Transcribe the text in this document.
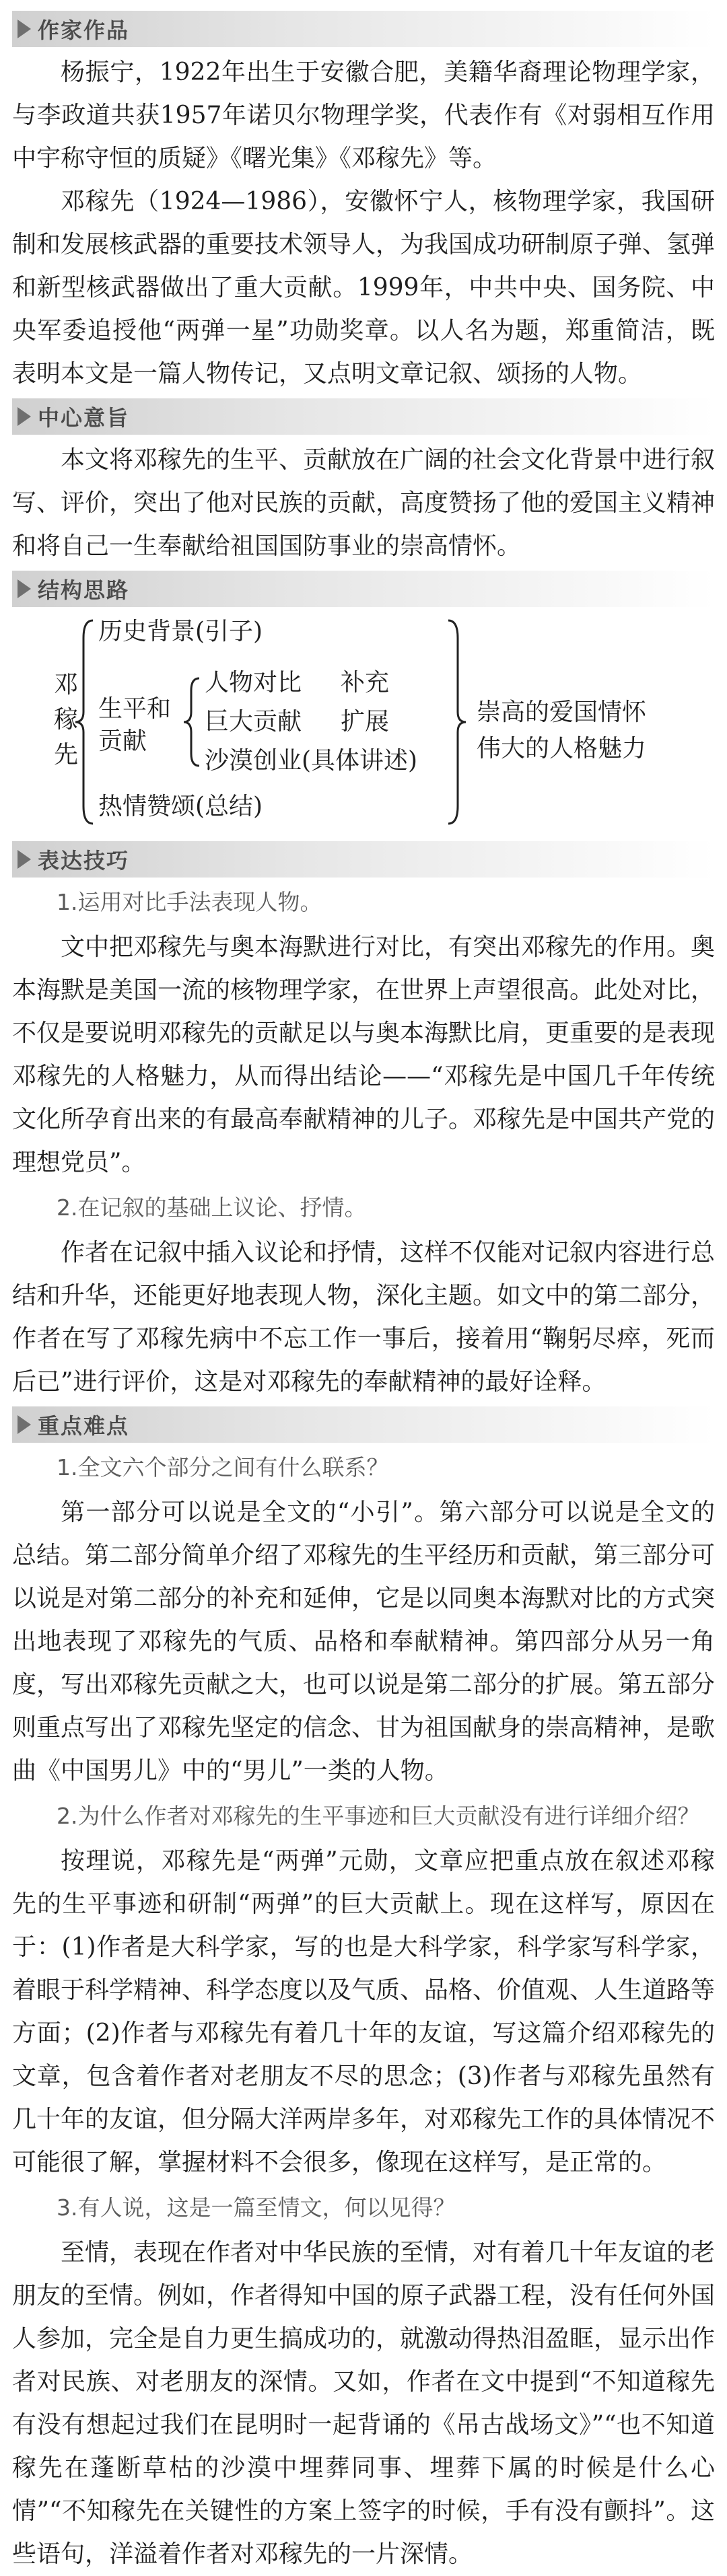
作家作品

杨振宁，1922年出生于安徽合肥，美籍华裔理论物理学家，与李政道共获1957年诺贝尔物理学奖，代表作有《对弱相互作用中宇称守恒的质疑》《曙光集》《邓稼先》等。

邓稼先（1924—1986），安徽怀宁人，核物理学家，我国研制和发展核武器的重要技术领导人，为我国成功研制原子弹、氢弹和新型核武器做出了重大贡献。1999年，中共中央、国务院、中央军委追授他“两弹一星”功勋奖章。以人名为题，郑重简洁，既表明本文是一篇人物传记，又点明文章记叙、颂扬的人物。

中心意旨

本文将邓稼先的生平、贡献放在广阔的社会文化背景中进行叙写、评价，突出了他对民族的贡献，高度赞扬了他的爱国主义精神和将自己一生奉献给祖国国防事业的崇高情怀。

结构思路
邓稼先
历史背景(引子)
生平和贡献
人物对比
巨大贡献
沙漠创业(具体讲述)
补充
扩展
热情赞颂(总结)
崇高的爱国情怀
伟大的人格魅力
表达技巧
1.运用对比手法表现人物。

文中把邓稼先与奥本海默进行对比，有突出邓稼先的作用。奥本海默是美国一流的核物理学家，在世界上声望很高。此处对比，不仅是要说明邓稼先的贡献足以与奥本海默比肩，更重要的是表现邓稼先的人格魅力，从而得出结论——“邓稼先是中国几千年传统文化所孕育出来的有最高奉献精神的儿子。邓稼先是中国共产党的理想党员”。

2.在记叙的基础上议论、抒情。

作者在记叙中插入议论和抒情，这样不仅能对记叙内容进行总结和升华，还能更好地表现人物，深化主题。如文中的第二部分，作者在写了邓稼先病中不忘工作一事后，接着用“鞠躬尽瘁，死而后已”进行评价，这是对邓稼先的奉献精神的最好诠释。

重点难点
1.全文六个部分之间有什么联系？

第一部分可以说是全文的“小引”。第六部分可以说是全文的总结。第二部分简单介绍了邓稼先的生平经历和贡献，第三部分可以说是对第二部分的补充和延伸，它是以同奥本海默对比的方式突出地表现了邓稼先的气质、品格和奉献精神。第四部分从另一角度，写出邓稼先贡献之大，也可以说是第二部分的扩展。第五部分则重点写出了邓稼先坚定的信念、甘为祖国献身的崇高精神，是歌曲《中国男儿》中的“男儿”一类的人物。

2.为什么作者对邓稼先的生平事迹和巨大贡献没有进行详细介绍？

按理说，邓稼先是“两弹”元勋，文章应把重点放在叙述邓稼先的生平事迹和研制“两弹”的巨大贡献上。现在这样写，原因在于：(1)作者是大科学家，写的也是大科学家，科学家写科学家，着眼于科学精神、科学态度以及气质、品格、价值观、人生道路等方面；(2)作者与邓稼先有着几十年的友谊，写这篇介绍邓稼先的文章，包含着作者对老朋友不尽的思念；(3)作者与邓稼先虽然有几十年的友谊，但分隔大洋两岸多年，对邓稼先工作的具体情况不可能很了解，掌握材料不会很多，像现在这样写，是正常的。

3.有人说，这是一篇至情文，何以见得？

至情，表现在作者对中华民族的至情，对有着几十年友谊的老朋友的至情。例如，作者得知中国的原子武器工程，没有任何外国人参加，完全是自力更生搞成功的，就激动得热泪盈眶，显示出作者对民族、对老朋友的深情。又如，作者在文中提到“不知道稼先有没有想起过我们在昆明时一起背诵的《吊古战场文》”“也不知道稼先在蓬断草枯的沙漠中埋葬同事、埋葬下属的时候是什么心情”“不知稼先在关键性的方案上签字的时候，手有没有颤抖”。这些语句，洋溢着作者对邓稼先的一片深情。
